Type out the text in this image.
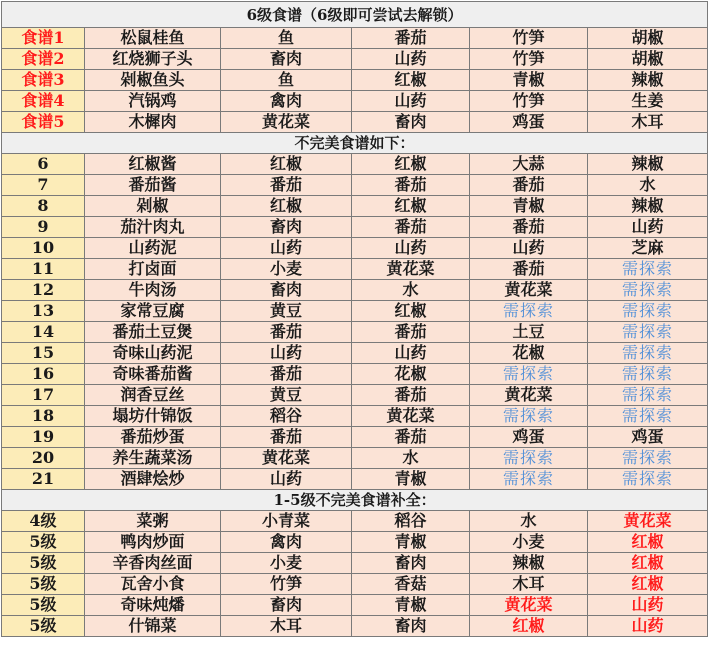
6级食谱（6级即可尝试去解锁）					
食谱1	松鼠桂鱼	鱼	番茄	竹笋	胡椒
食谱2	红烧狮子头	畜肉	山药	竹笋	胡椒
食谱3	剁椒鱼头	鱼	红椒	青椒	辣椒
食谱4	汽锅鸡	禽肉	山药	竹笋	生姜
食谱5	木樨肉	黄花菜	畜肉	鸡蛋	木耳
不完美食谱如下：					
6	红椒酱	红椒	红椒	大蒜	辣椒
7	番茄酱	番茄	番茄	番茄	水
8	剁椒	红椒	红椒	青椒	辣椒
9	茄汁肉丸	畜肉	番茄	番茄	山药
10	山药泥	山药	山药	山药	芝麻
11	打卤面	小麦	黄花菜	番茄	需探索
12	牛肉汤	畜肉	水	黄花菜	需探索
13	家常豆腐	黄豆	红椒	需探索	需探索
14	番茄土豆煲	番茄	番茄	土豆	需探索
15	奇味山药泥	山药	山药	花椒	需探索
16	奇味番茄酱	番茄	花椒	需探索	需探索
17	润香豆丝	黄豆	番茄	黄花菜	需探索
18	塌坊什锦饭	稻谷	黄花菜	需探索	需探索
19	番茄炒蛋	番茄	番茄	鸡蛋	鸡蛋
20	养生蔬菜汤	黄花菜	水	需探索	需探索
21	酒肆烩炒	山药	青椒	需探索	需探索
1-5级不完美食谱补全：					
4级	菜粥	小青菜	稻谷	水	黄花菜
5级	鸭肉炒面	禽肉	青椒	小麦	红椒
5级	辛香肉丝面	小麦	畜肉	辣椒	红椒
5级	瓦舍小食	竹笋	香菇	木耳	红椒
5级	奇味炖燔	畜肉	青椒	黄花菜	山药
5级	什锦菜	木耳	畜肉	红椒	山药
